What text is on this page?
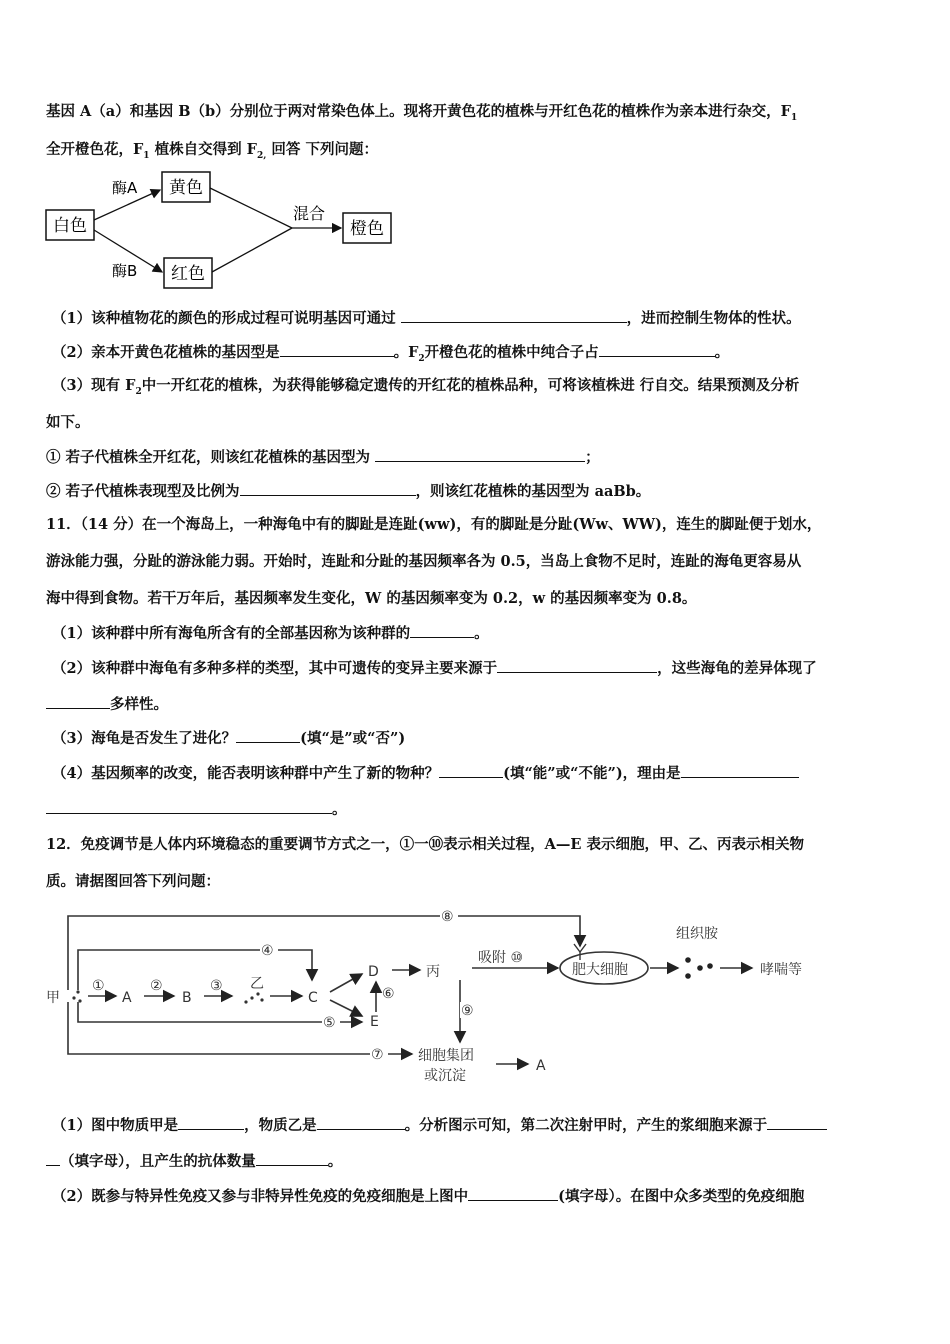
基因 A（a）和基因 B（b）分别位于两对常染色体上。现将开黄色花的植株与开红色花的植株作为亲本进行杂交，$F_1$
全开橙色花，$F_1$ 植株自交得到 $F_{2,}$ 回答 下列问题：
白色
黄色
红色
橙色
酶A
酶B
混合
（1）该种植物花的颜色的形成过程可说明基因可通过	，进而控制生物体的性状。
（2）亲本开黄色花植株的基因型是	。$F_2$开橙色花的植株中纯合子占	。
（3）现有 $F_2$中一开红花的植株，为获得能够稳定遗传的开红花的植株品种，可将该植株进 行自交。结果预测及分析
如下。
① 若子代植株全开红花，则该红花植株的基因型为	；
② 若子代植株表现型及比例为	，则该红花植株的基因型为 aaBb。
11．（14 分）在一个海岛上，一种海龟中有的脚趾是连趾(ww)，有的脚趾是分趾(Ww、WW)，连生的脚趾便于划水，
游泳能力强，分趾的游泳能力弱。开始时，连趾和分趾的基因频率各为 0.5，当岛上食物不足时，连趾的海龟更容易从
海中得到食物。若干万年后，基因频率发生变化，W 的基因频率变为 0.2，w 的基因频率变为 0.8。
（1）该种群中所有海龟所含有的全部基因称为该种群的	。
（2）该种群中海龟有多种多样的类型，其中可遗传的变异主要来源于	，这些海龟的差异体现了
多样性。
（3）海龟是否发生了进化？	(填“是”或“否”)
（4）基因频率的改变，能否表明该种群中产生了新的物种？	(填“能”或“不能”)，理由是
。
12．免疫调节是人体内环境稳态的重要调节方式之一，①一⑩表示相关过程，A—E 表示细胞，甲、乙、丙表示相关物
质。请据图回答下列问题：
甲	A	B
乙
C
D
E
丙
吸附 ⑩
肥大细胞
组织胺
哮喘等
细胞集团
或沉淀
A
⑧
④
①	②	③
⑤
⑥
⑦
⑨
（1）图中物质甲是	，物质乙是	。分析图示可知，第二次注射甲时，产生的浆细胞来源于
（填字母），且产生的抗体数量	。
（2）既参与特异性免疫又参与非特异性免疫的免疫细胞是上图中	(填字母）。在图中众多类型的免疫细胞
